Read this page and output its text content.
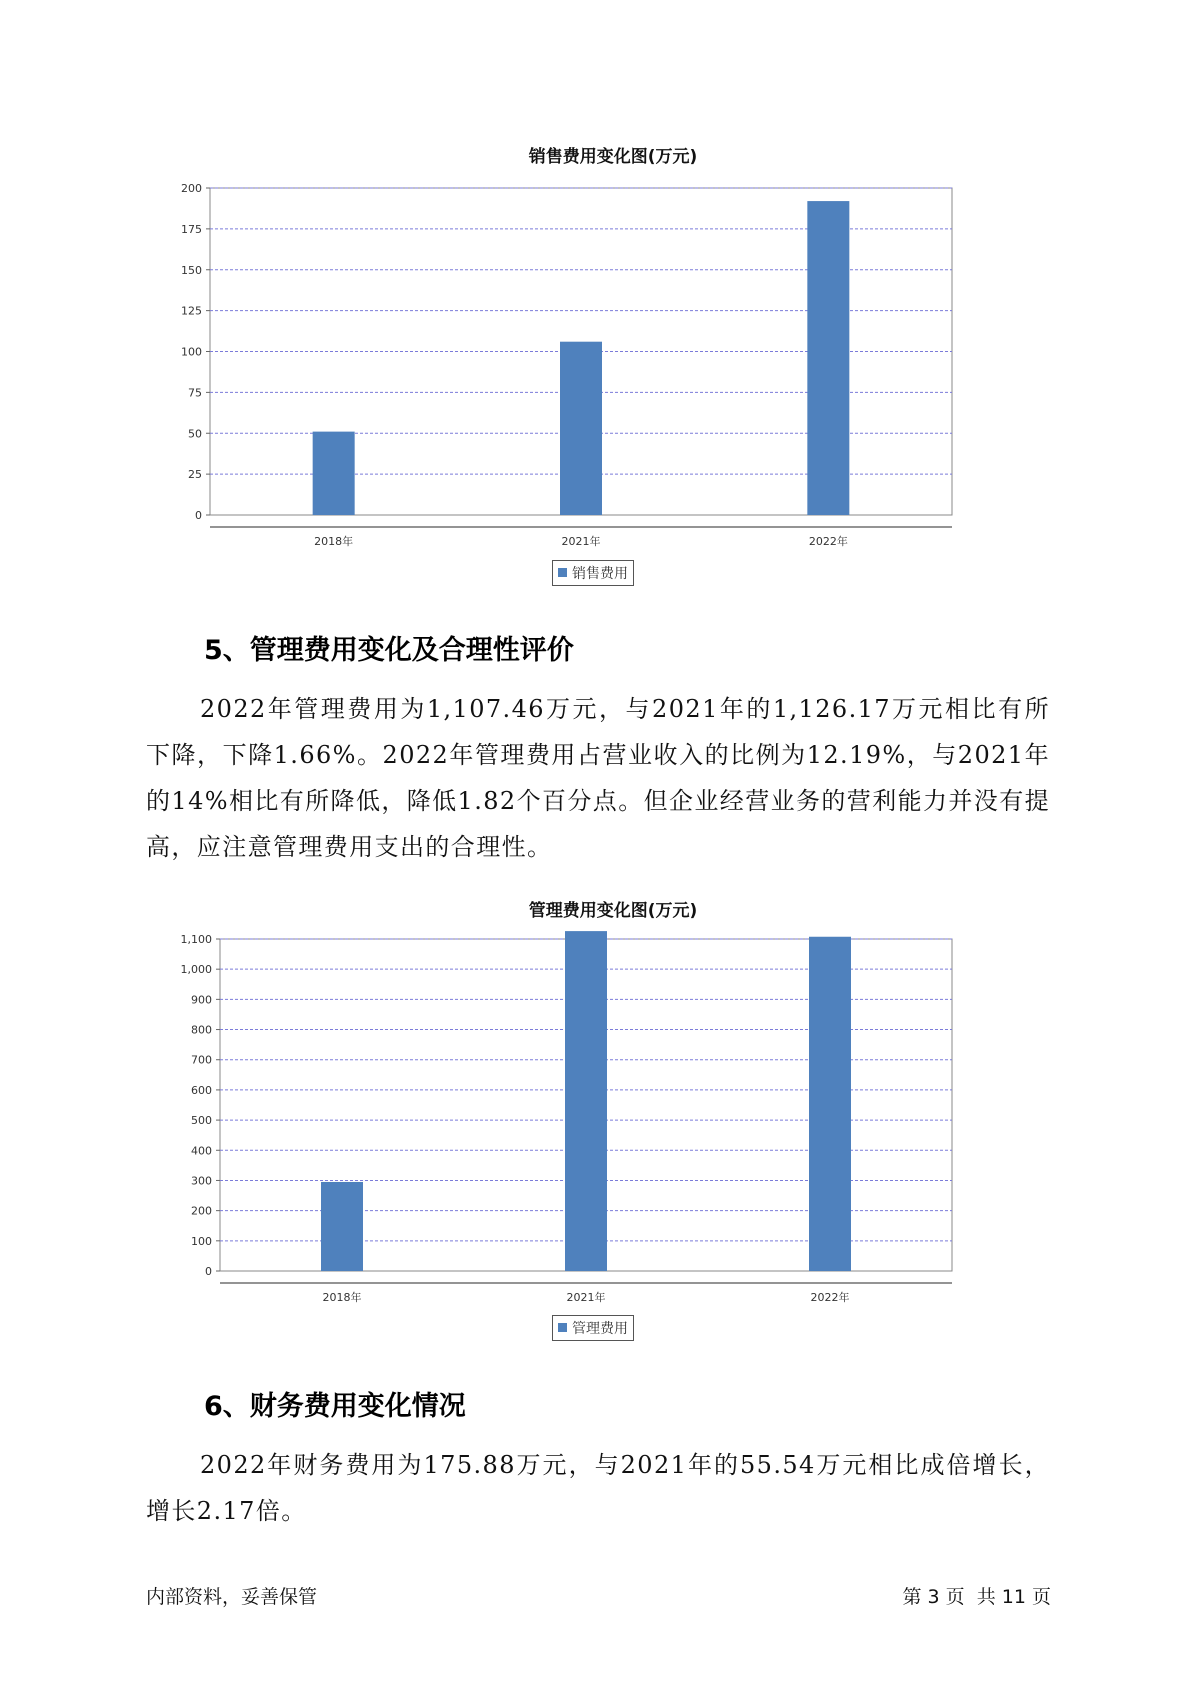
销售费用变化图(万元)
0
25
50
75
100
125
150
175
200
2018年	2021年	2022年
销售费用
5、管理费用变化及合理性评价

2022年管理费用为1,107.46万元，与2021年的1,126.17万元相比有所下降，下降1.66%。2022年管理费用占营业收入的比例为12.19%，与2021年的14%相比有所降低，降低1.82个百分点。但企业经营业务的营利能力并没有提高，应注意管理费用支出的合理性。

管理费用变化图(万元)
0
100
200
300
400
500
600
700
800
900
1,000
1,100
2018年	2021年	2022年
管理费用
6、财务费用变化情况

2022年财务费用为175.88万元，与2021年的55.54万元相比成倍增长，增长2.17倍。

内部资料，妥善保管	第 3 页  共 11 页
